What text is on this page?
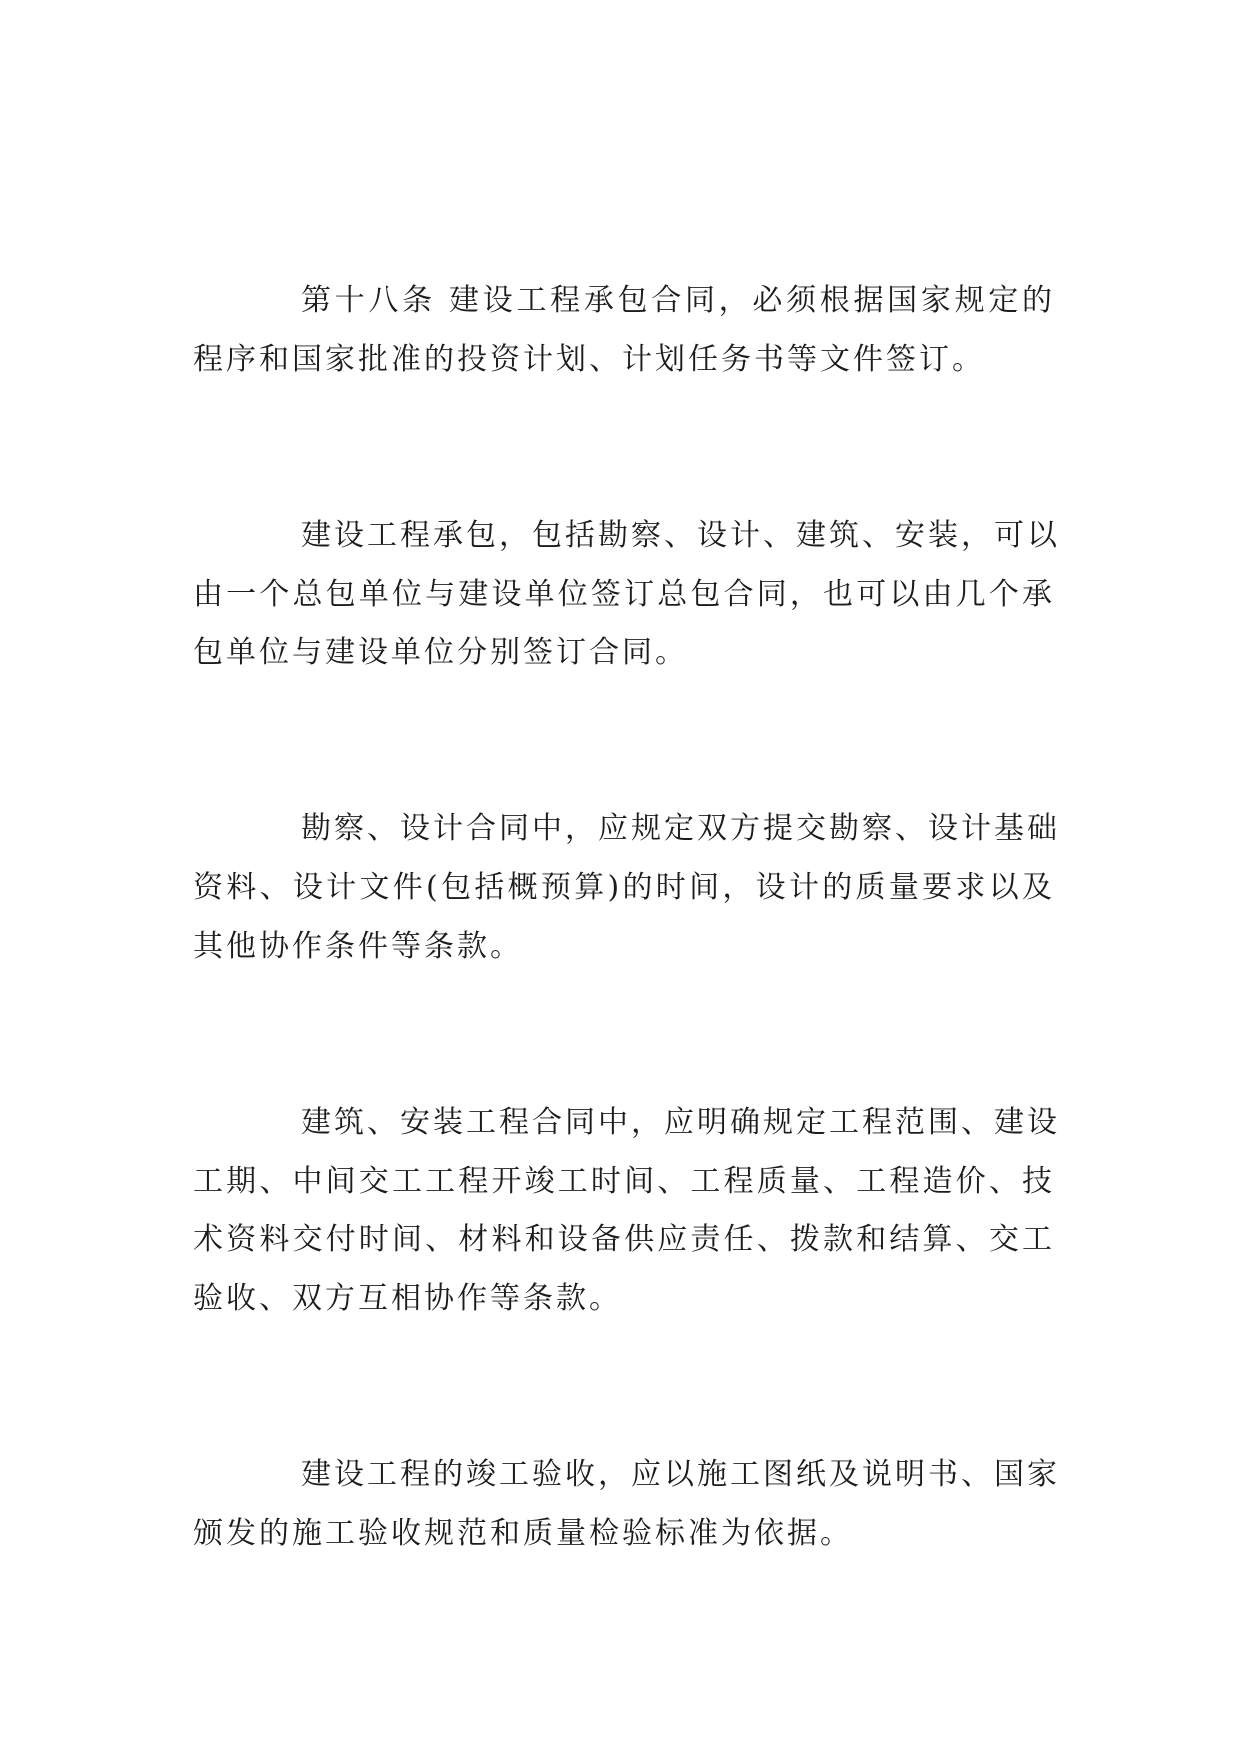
第十八条 建设工程承包合同，必须根据国家规定的
程序和国家批准的投资计划、计划任务书等文件签订。
建设工程承包，包括勘察、设计、建筑、安装，可以
由一个总包单位与建设单位签订总包合同，也可以由几个承
包单位与建设单位分别签订合同。
勘察、设计合同中，应规定双方提交勘察、设计基础
资料、设计文件(包括概预算)的时间，设计的质量要求以及
其他协作条件等条款。
建筑、安装工程合同中，应明确规定工程范围、建设
工期、中间交工工程开竣工时间、工程质量、工程造价、技
术资料交付时间、材料和设备供应责任、拨款和结算、交工
验收、双方互相协作等条款。
建设工程的竣工验收，应以施工图纸及说明书、国家
颁发的施工验收规范和质量检验标准为依据。
